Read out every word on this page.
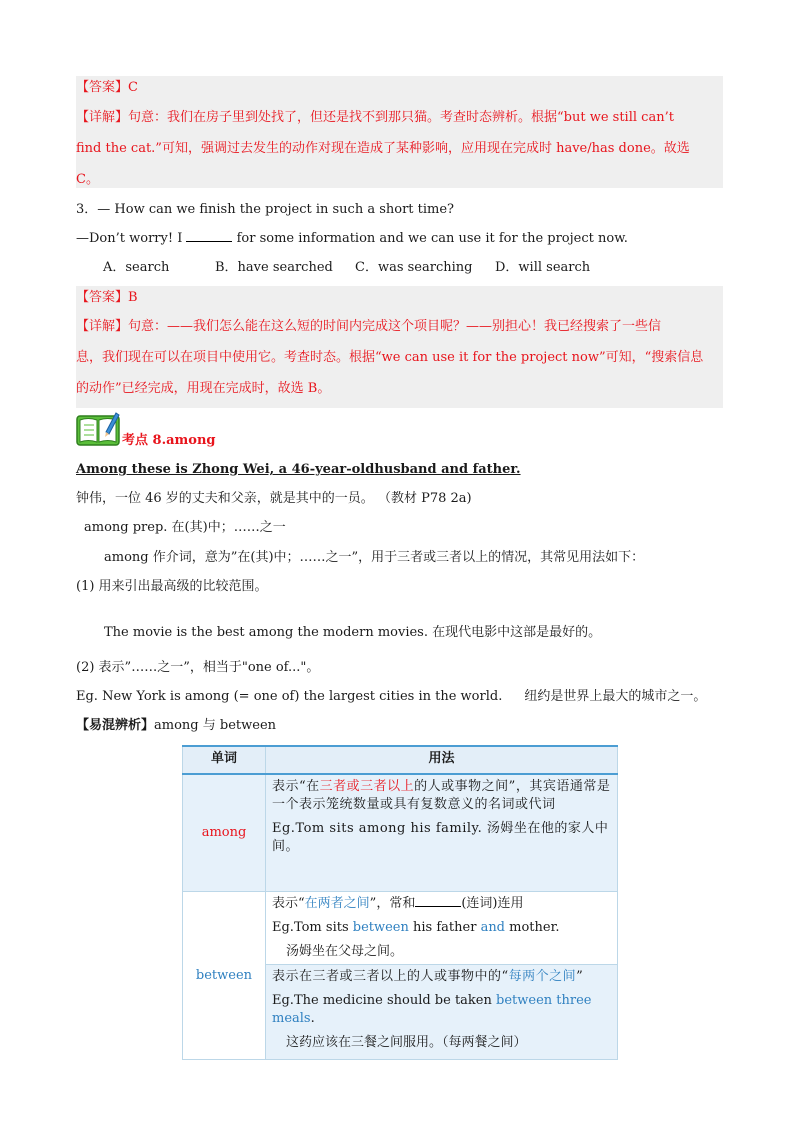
【答案】C
【详解】句意：我们在房子里到处找了，但还是找不到那只猫。考查时态辨析。根据“but we still can’t
find the cat.”可知，强调过去发生的动作对现在造成了某种影响，应用现在完成时 have/has done。故选
C。
3．— How can we finish the project in such a short time?
—Don’t worry! I	for some information and we can use it for the project now.
A．search	B．have searched C．was searching D．will search
【答案】B
【详解】句意：——我们怎么能在这么短的时间内完成这个项目呢？——别担心！我已经搜索了一些信
息，我们现在可以在项目中使用它。考查时态。根据“we can use it for the project now”可知，“搜索信息
的动作”已经完成，用现在完成时，故选 B。
考点 8.among
Among these is Zhong Wei, a 46-year-oldhusband and father.
钟伟，一位 46 岁的丈夫和父亲，就是其中的一员。 （教材 P78 2a)
among prep. 在(其)中；……之一
among 作介词，意为”在(其)中；……之一”，用于三者或三者以上的情况，其常见用法如下：
(1) 用来引出最高级的比较范围。
The movie is the best among the modern movies. 在现代电影中这部是最好的。
(2) 表示”……之一”，相当于"one of..."。
Eg. New York is among (= one of) the largest cities in the world. 纽约是世界上最大的城市之一。
【易混辨析】among 与 between
单词	用法
among	表示“在三者或三者以上的人或事物之间”，其宾语通常是一个表示笼统数量或具有复数意义的名词或代词
Eg.Tom sits among his family. 汤姆坐在他的家人中间。

between	表示“在两者之间”，常和 (连词)连用
Eg.Tom sits between his father and mother.
汤姆坐在父母之间。

	表示在三者或三者以上的人或事物中的“每两个之间”
Eg.The medicine should be taken between three meals.
这药应该在三餐之间服用。（每两餐之间）
